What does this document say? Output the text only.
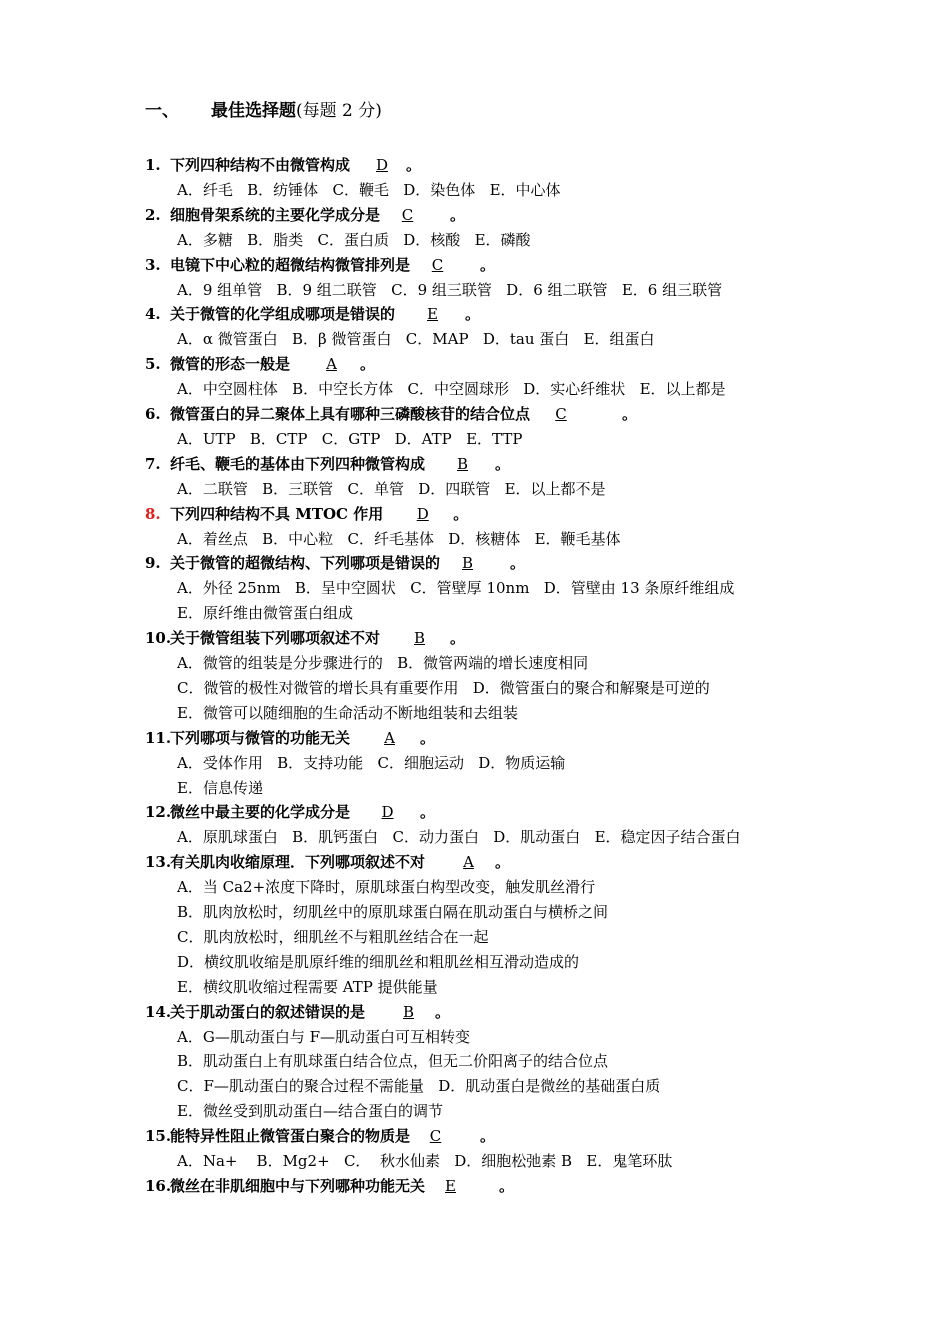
一、 最佳选择题(每题 2 分)
1. 下列四种结构不由微管构成 D 。
A．纤毛   B．纺锤体   C．鞭毛   D．染色体   E．中心体
2. 细胞骨架系统的主要化学成分是 C 。
A．多糖   B．脂类   C．蛋白质   D．核酸   E．磷酸
3. 电镜下中心粒的超微结构微管排列是 C 。
A．9 组单管   B．9 组二联管   C．9 组三联管   D．6 组二联管   E．6 组三联管
4. 关于微管的化学组成哪项是错误的 E 。
A．α 微管蛋白   B．β 微管蛋白   C．MAP   D．tau 蛋白   E．组蛋白
5. 微管的形态一般是 A 。
A．中空圆柱体   B．中空长方体   C．中空圆球形   D．实心纤维状   E．以上都是
6. 微管蛋白的异二聚体上具有哪种三磷酸核苷的结合位点 C	。
A．UTP   B．CTP   C．GTP   D．ATP   E．TTP
7. 纤毛、鞭毛的基体由下列四种微管构成 B 。
A．二联管   B．三联管   C．单管   D．四联管   E．以上都不是
8. 下列四种结构不具 MTOC 作用 D 。
A．着丝点   B．中心粒   C．纤毛基体   D．核糖体   E．鞭毛基体
9. 关于微管的超微结构、下列哪项是错误的 B 。
A．外径 25nm   B．呈中空圆状   C．管壁厚 10nm   D．管壁由 13 条原纤维组成
E．原纤维由微管蛋白组成
10.关于微管组装下列哪项叙述不对 B 。
A．微管的组装是分步骤进行的   B．微管两端的增长速度相同
C．微管的极性对微管的增长具有重要作用   D．微管蛋白的聚合和解聚是可逆的
E．微管可以随细胞的生命活动不断地组装和去组装
11.下列哪项与微管的功能无关 A 。
A．受体作用   B．支持功能   C．细胞运动   D．物质运输
E．信息传递
12.微丝中最主要的化学成分是 D 。
A．原肌球蛋白   B．肌钙蛋白   C．动力蛋白   D．肌动蛋白   E．稳定因子结合蛋白
13.有关肌肉收缩原理．下列哪项叙述不对	A 。
A．当 Ca2+浓度下降时，原肌球蛋白构型改变，触发肌丝滑行
B．肌肉放松时，纫肌丝中的原肌球蛋白隔在肌动蛋白与横桥之间
C．肌肉放松时，细肌丝不与粗肌丝结合在一起
D．横纹肌收缩是肌原纤维的细肌丝和粗肌丝相互滑动造成的
E．横纹肌收缩过程需要 ATP 提供能量
14.关于肌动蛋白的叙述错误的是	B 。
A．G—肌动蛋白与 F—肌动蛋白可互相转变
B．肌动蛋白上有肌球蛋白结合位点，但无二价阳离子的结合位点
C．F—肌动蛋白的聚合过程不需能量   D．肌动蛋白是微丝的基础蛋白质
E．微丝受到肌动蛋白—结合蛋白的调节
15.能特异性阻止微管蛋白聚合的物质是 C	。
A．Na+    B．Mg2+   C．  秋水仙素   D．细胞松弛素 B   E．鬼笔环肽
16.微丝在非肌细胞中与下列哪种功能无关 E	。
